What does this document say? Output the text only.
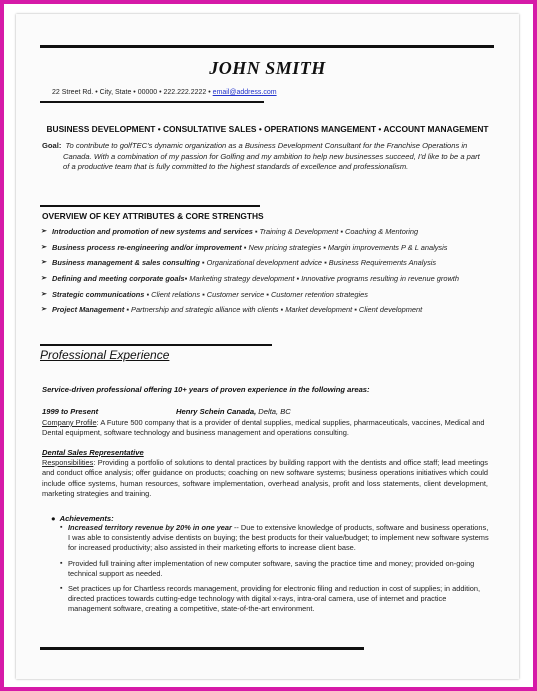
JOHN SMITH
22 Street Rd. • City, State • 00000 • 222.222.2222 • email@address.com
BUSINESS DEVELOPMENT • CONSULTATIVE SALES • OPERATIONS MANGEMENT • ACCOUNT MANAGEMENT
Goal: To contribute to golfTEC's dynamic organization as a Business Development Consultant for the Franchise Operations in
Canada. With a combination of my passion for Golfing and my ambition to help new businesses succeed, I'd like to be a part
of a productive team that is fully committed to the highest standards of excellence and professionalism.
OVERVIEW OF KEY ATTRIBUTES & CORE STRENGTHS
➢ Introduction and promotion of new systems and services ▪ Training & Development ▪ Coaching & Mentoring
➢ Business process re-engineering and/or improvement ▪ New pricing strategies ▪ Margin improvements P & L analysis
➢ Business management & sales consulting ▪ Organizational development advice ▪ Business Requirements Analysis
➢ Defining and meeting corporate goals▪ Marketing strategy development ▪ Innovative programs resulting in revenue growth
➢ Strategic communications ▪ Client relations ▪ Customer service ▪ Customer retention strategies
➢ Project Management ▪ Partnership and strategic alliance with clients ▪ Market development ▪ Client development
Professional Experience
Service-driven professional offering 10+ years of proven experience in the following areas:
1999 to Present	Henry Schein Canada, Delta, BC
Company Profile: A Future 500 company that is a provider of dental supplies, medical supplies, pharmaceuticals, vaccines, Medical and Dental equipment, software technology and business management and operations consulting.
Dental Sales Representative
Responsibilities: Providing a portfolio of solutions to dental practices by building rapport with the dentists and office staff; lead meetings and conduct office analysis; offer guidance on products; coaching on new software systems; business operations initiatives which could include office systems, human resources, software implementation, overhead analysis, profit and loss statements, client development, marketing strategies and training.
● Achievements:
▪ Increased territory revenue by 20% in one year -- Due to extensive knowledge of products, software and business operations, I was able to consistently advise dentists on buying; the best products for their value/budget; to implement new software systems for increased productivity; also assisted in their marketing efforts to increase client base.
▪ Provided full training after implementation of new computer software, saving the practice time and money; provided on-going technical support as needed.
▪ Set practices up for Chartless records management, providing for electronic filing and reduction in cost of supplies; in addition, directed practices towards cutting-edge technology with digital x-rays, intra-oral camera, use of internet and practice management software, creating a competitive, state-of-the-art environment.
